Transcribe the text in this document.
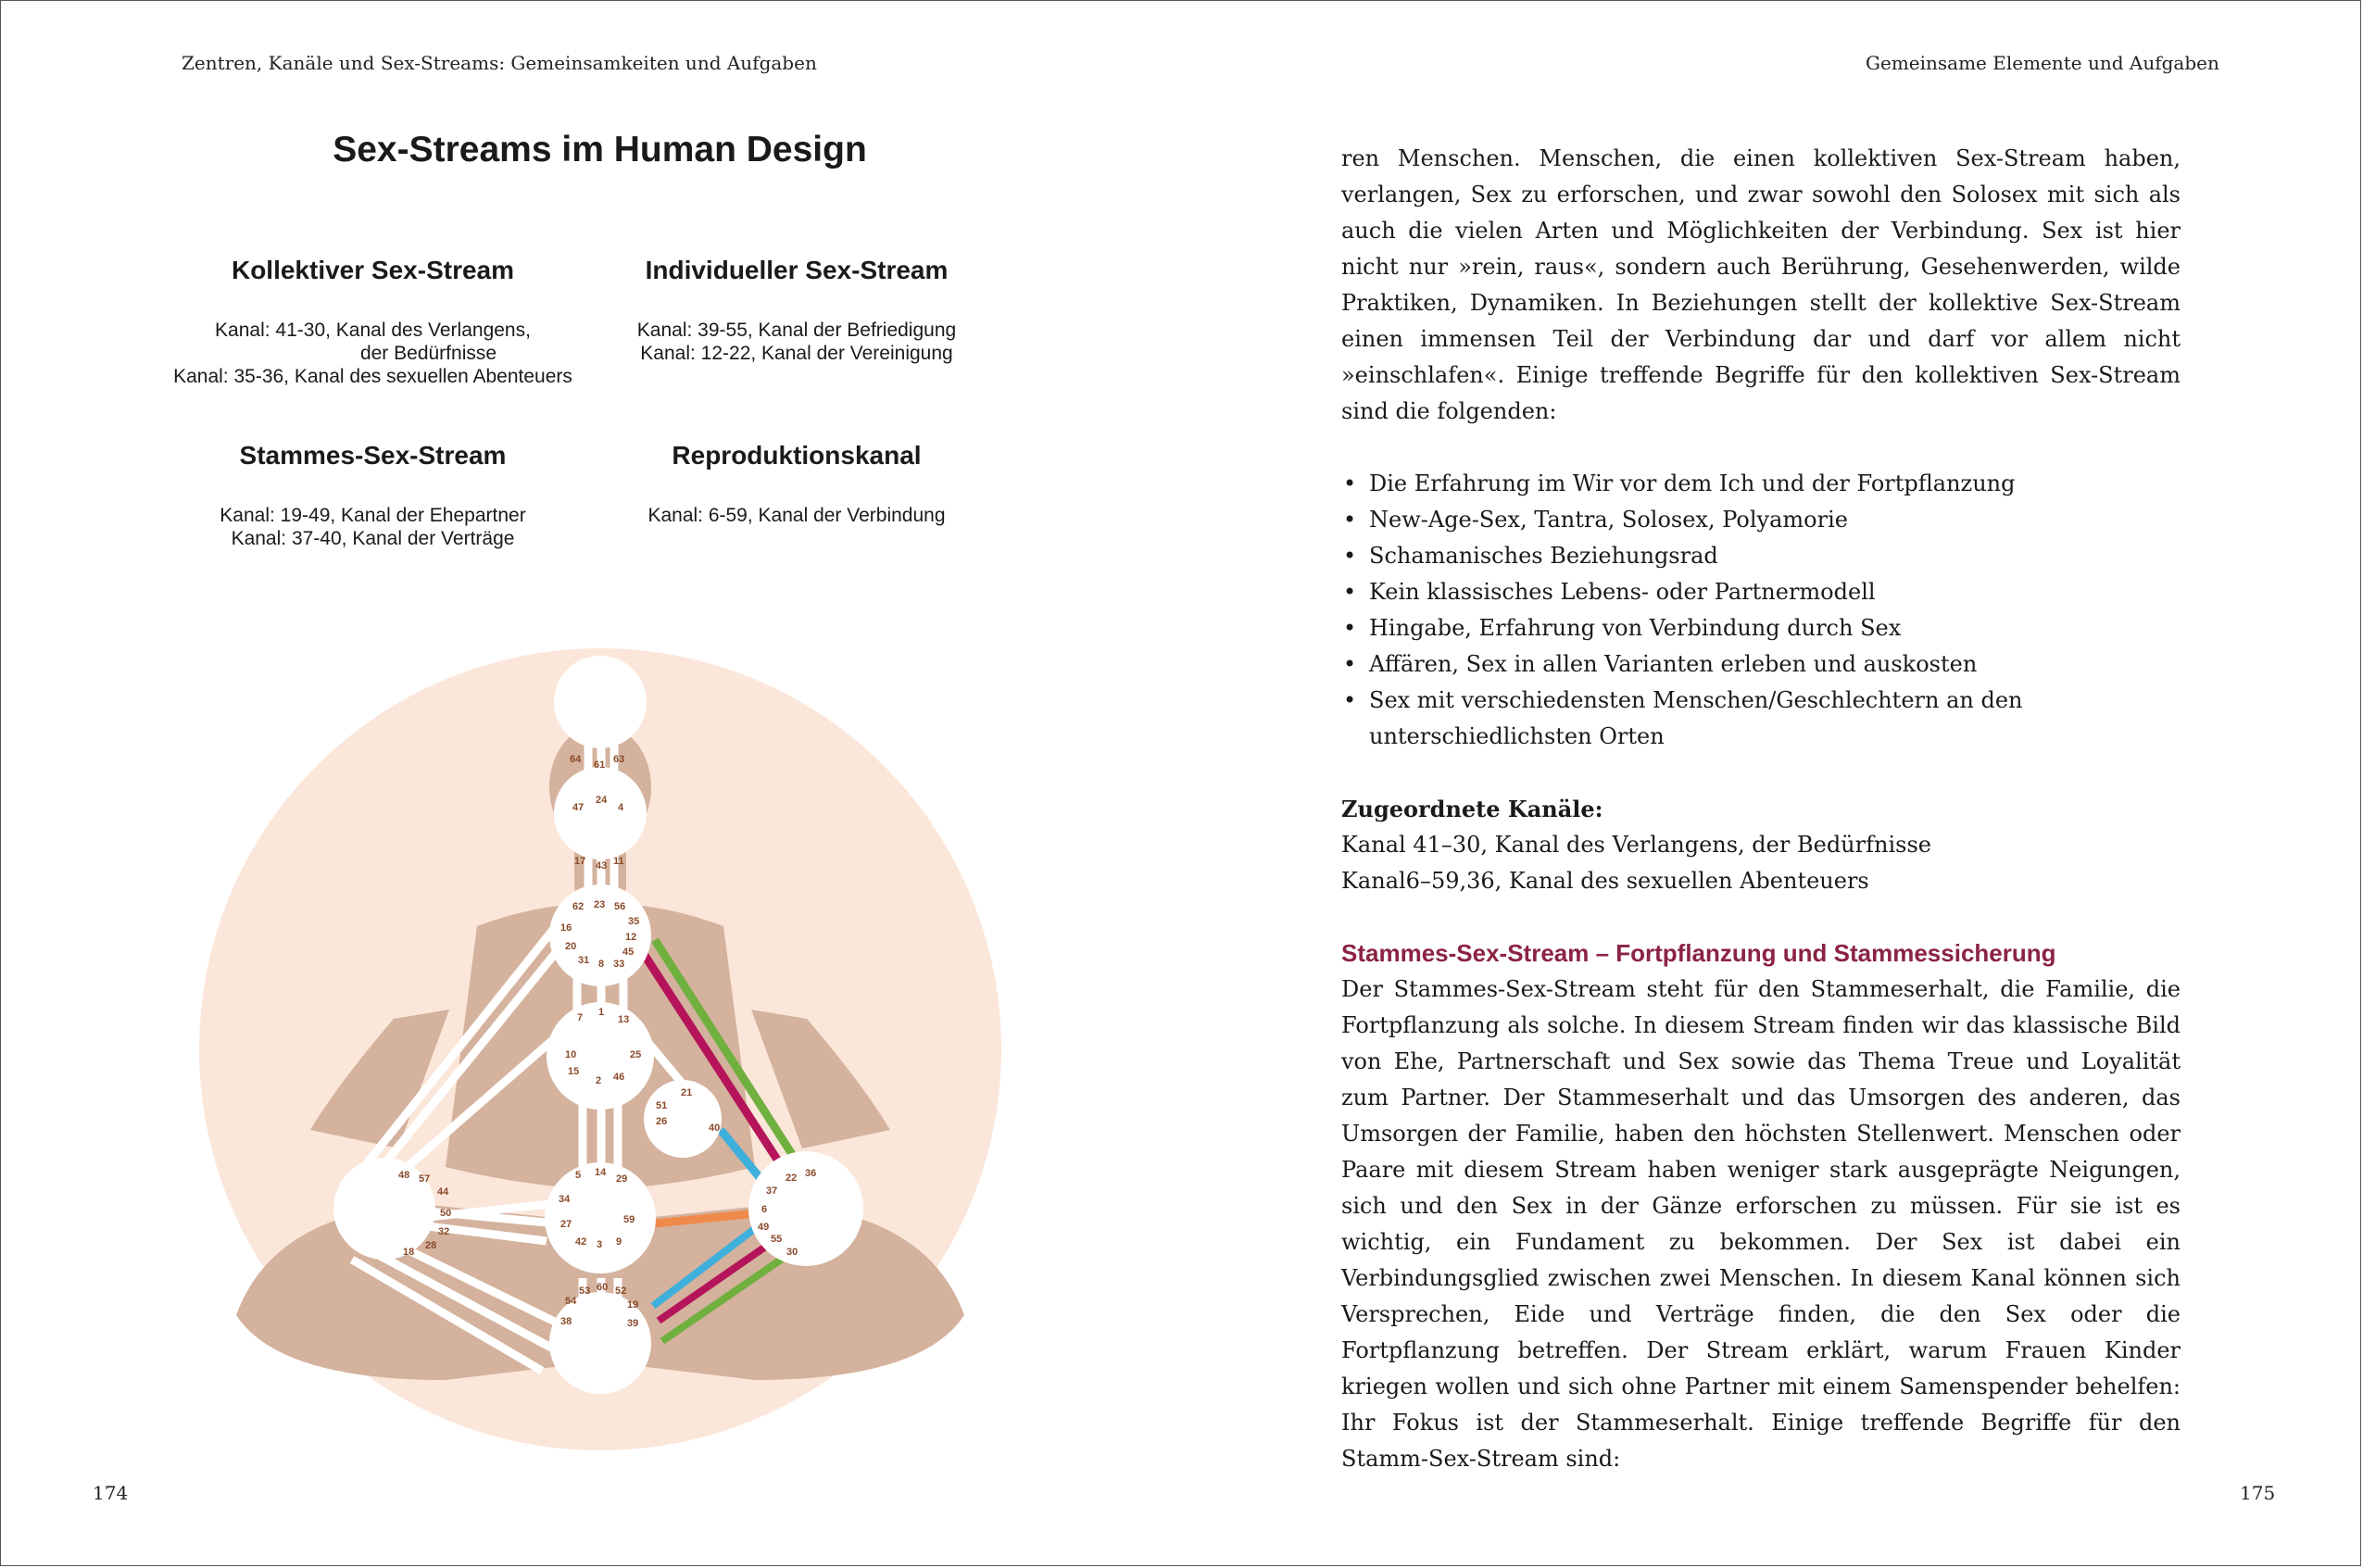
Zentren, Kanäle und Sex-Streams: Gemeinsamkeiten und Aufgaben
Sex-Streams im Human Design
Kollektiver Sex-Stream

Kanal: 41-30, Kanal des Verlangens,

der Bedürfnisse

Kanal: 35-36, Kanal des sexuellen Abenteuers

Individueller Sex-Stream

Kanal: 39-55, Kanal der Befriedigung

Kanal: 12-22, Kanal der Vereinigung

Stammes-Sex-Stream

Kanal: 19-49, Kanal der Ehepartner

Kanal: 37-40, Kanal der Verträge

Reproduktionskanal

Kanal: 6-59, Kanal der Verbindung

64 61 63
47
24
4
17 43 11
62 23 56
35
16
12
20	45
31 8 33
7 1
13
10	25
15
2 46
21
51
26
40
48 57
44
50
32
28
18
5 14
29
34
59
27
42 3 9
53 60 52
54	19
38	39
37
22 36
6
49
55
30
174
Gemeinsame Elemente und Aufgaben

ren Menschen. Menschen, die einen kollektiven Sex-Stream haben, verlangen, Sex zu erforschen, und zwar sowohl den Solosex mit sich als auch die vielen Arten und Möglichkeiten der Verbindung. Sex ist hier nicht nur »rein, raus«, sondern auch Berührung, Gesehenwerden, wilde Praktiken, Dynamiken. In Beziehungen stellt der kollektive Sex-Stream einen immensen Teil der Verbindung dar und darf vor allem nicht »einschlafen«. Einige treffende Begriffe für den kollektiven Sex-Stream sind die folgenden:

• Die Erfahrung im Wir vor dem Ich und der Fortpflanzung
• New-Age-Sex, Tantra, Solosex, Polyamorie
• Schamanisches Beziehungsrad
• Kein klassisches Lebens- oder Partnermodell
• Hingabe, Erfahrung von Verbindung durch Sex
• Affären, Sex in allen Varianten erleben und auskosten
• Sex mit verschiedensten Menschen/Geschlechtern an den unterschiedlichsten Orten
Zugeordnete Kanäle:
Kanal 41–30, Kanal des Verlangens, der Bedürfnisse
Kanal6–59,36, Kanal des sexuellen Abenteuers
Stammes-Sex-Stream – Fortpflanzung und Stammessicherung

Der Stammes-Sex-Stream steht für den Stammeserhalt, die Familie, die Fortpflanzung als solche. In diesem Stream finden wir das klassische Bild von Ehe, Partnerschaft und Sex sowie das Thema Treue und Loyalität zum Partner. Der Stammeserhalt und das Umsorgen des anderen, das Umsorgen der Familie, haben den höchsten Stellenwert. Menschen oder Paare mit diesem Stream haben weniger stark ausgeprägte Neigungen, sich und den Sex in der Gänze erforschen zu müssen. Für sie ist es wichtig, ein Fundament zu bekommen. Der Sex ist dabei ein Verbindungsglied zwischen zwei Menschen. In diesem Kanal können sich Versprechen, Eide und Verträge finden, die den Sex oder die Fortpflanzung betreffen. Der Stream erklärt, warum Frauen Kinder kriegen wollen und sich ohne Partner mit einem Samenspender behelfen: Ihr Fokus ist der Stammeserhalt. Einige treffende Begriffe für den Stamm-Sex-Stream sind:

175
